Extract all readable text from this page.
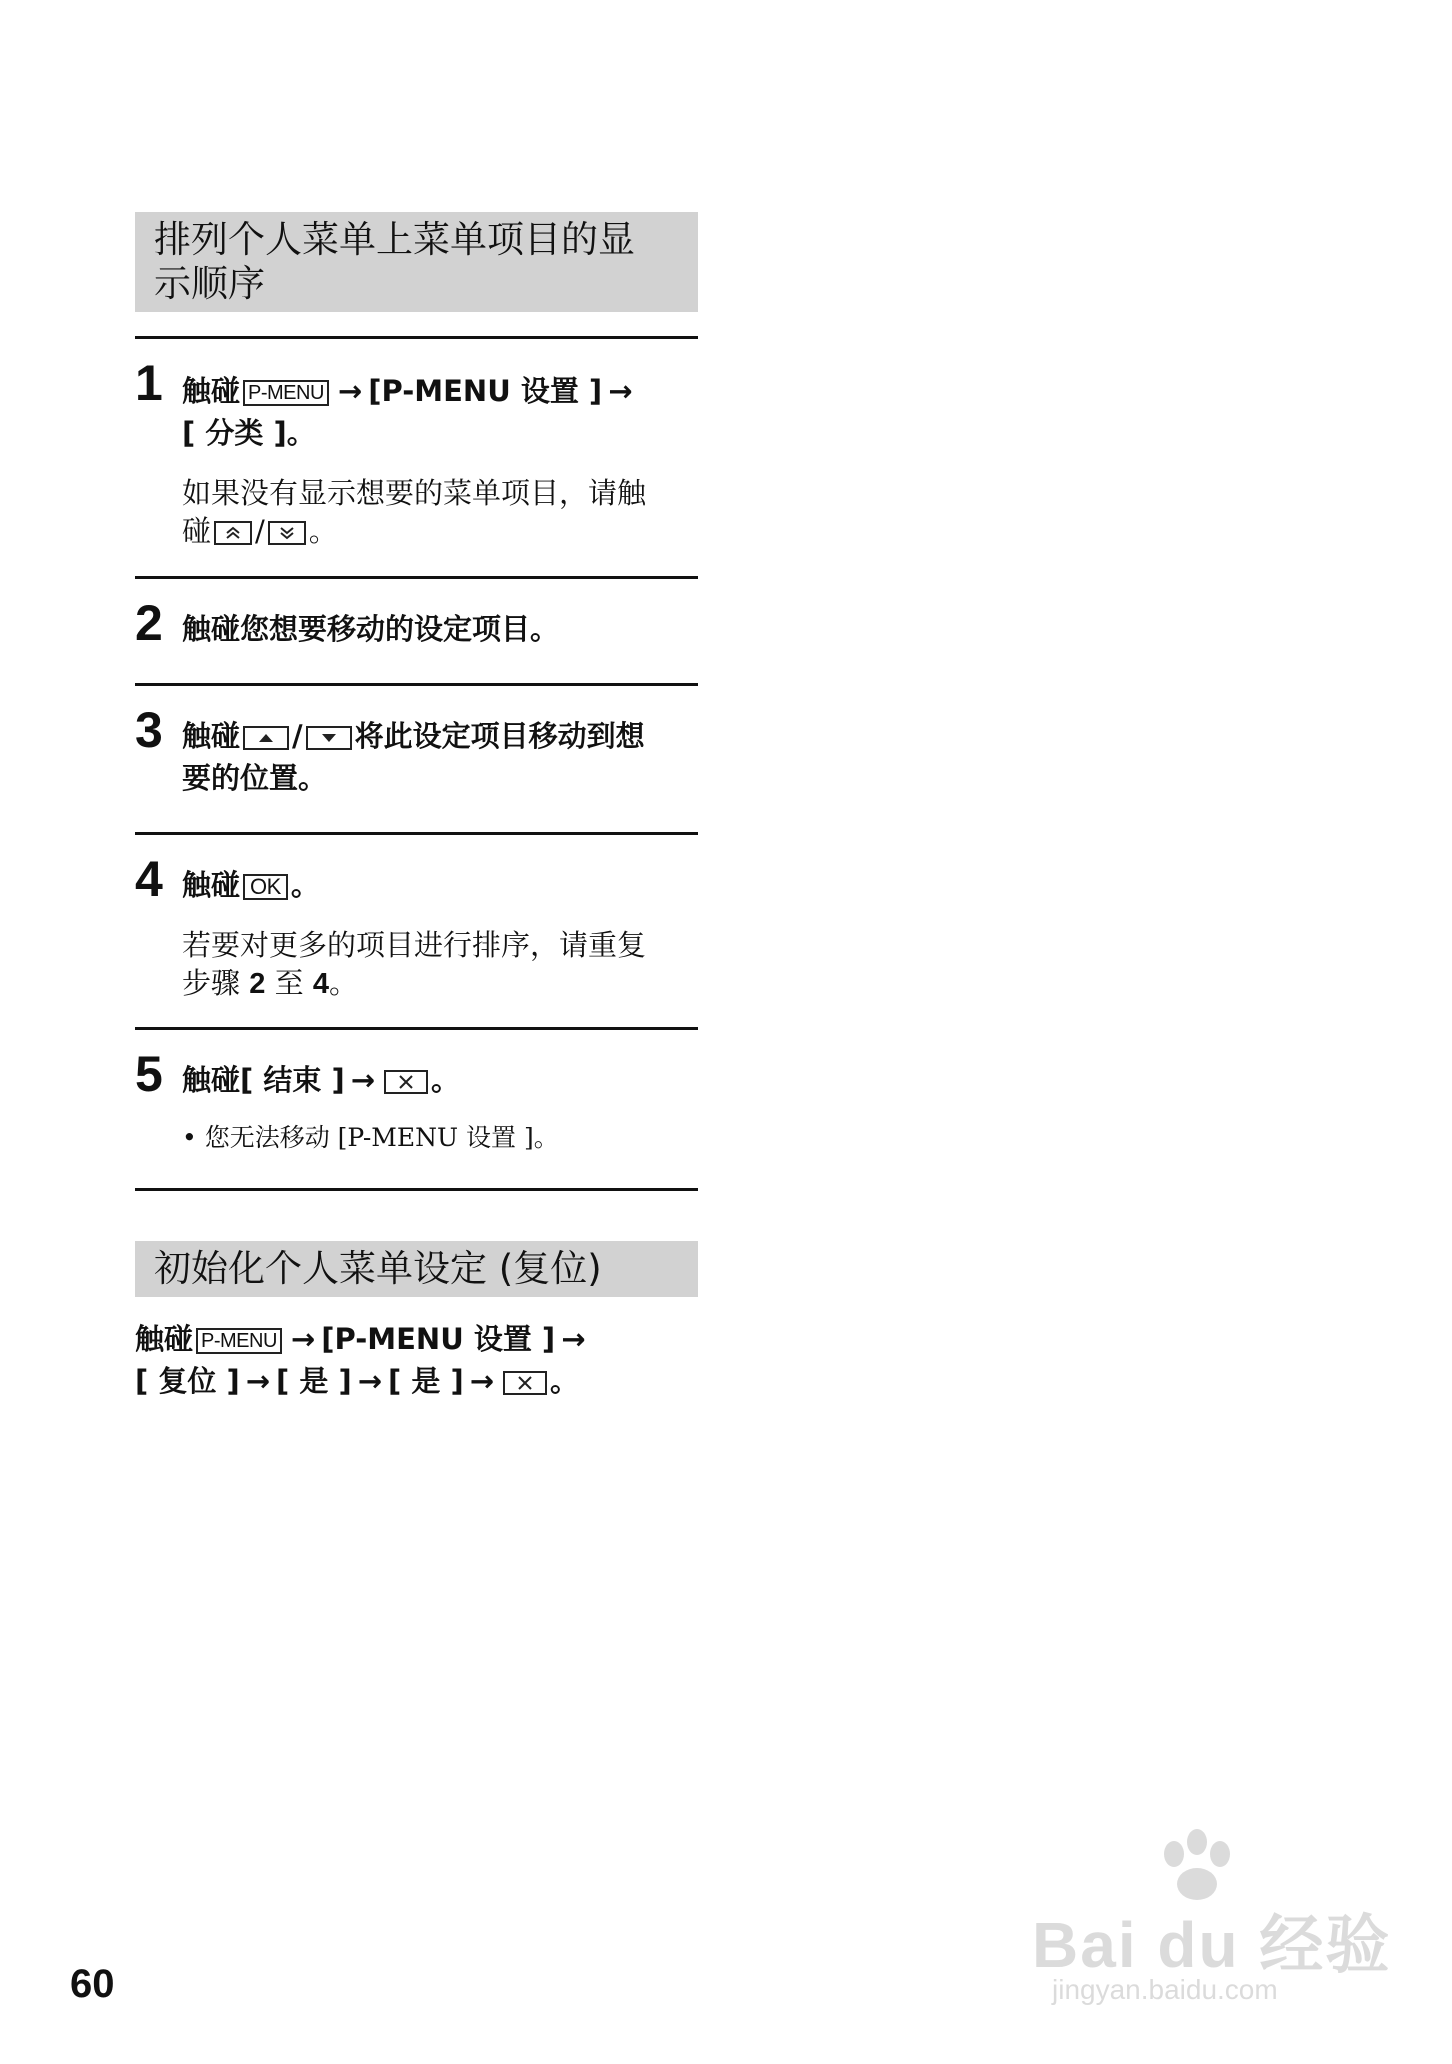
排列个人菜单上菜单项目的显
示顺序
1 触碰 P-MENU → [P-MENU 设置 ] →
[ 分类 ]。
如果没有显示想要的菜单项目，请触
碰 / 。
2 触碰您想要移动的设定项目。
3 触碰 / 将此设定项目移动到想
要的位置。
4 触碰 OK 。
若要对更多的项目进行排序，请重复
步骤 2 至 4。
5 触碰[ 结束 ] → 。
• 您无法移动 [P-MENU 设置 ]。
初始化个人菜单设定 (复位)
触碰 P-MENU → [P-MENU 设置 ] →
[ 复位 ] → [ 是 ] → [ 是 ] → 。
60
Bai du 经验
jingyan.baidu.com
